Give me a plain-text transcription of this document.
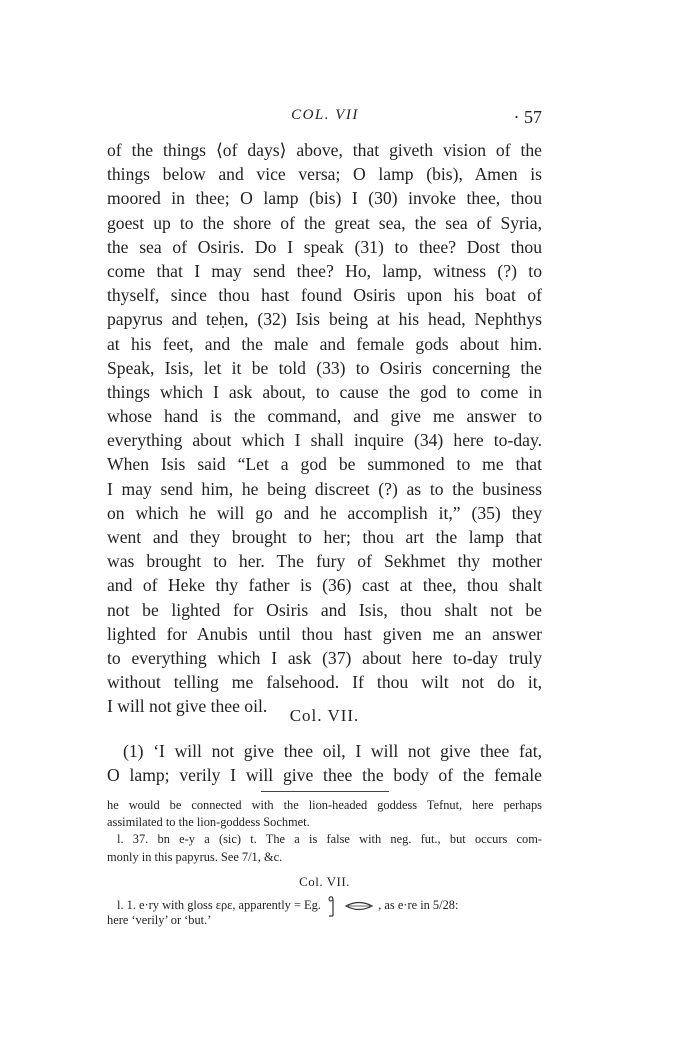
COL. VII	· 57
of the things ⟨of days⟩ above, that giveth vision of the
things below and vice versa; O lamp (bis), Amen is
moored in thee; O lamp (bis) I (30) invoke thee, thou
goest up to the shore of the great sea, the sea of Syria,
the sea of Osiris. Do I speak (31) to thee? Dost thou
come that I may send thee? Ho, lamp, witness (?) to
thyself, since thou hast found Osiris upon his boat of
papyrus and teḥen, (32) Isis being at his head, Nephthys
at his feet, and the male and female gods about him.
Speak, Isis, let it be told (33) to Osiris concerning the
things which I ask about, to cause the god to come in
whose hand is the command, and give me answer to
everything about which I shall inquire (34) here to-day.
When Isis said “Let a god be summoned to me that
I may send him, he being discreet (?) as to the business
on which he will go and he accomplish it,” (35) they
went and they brought to her; thou art the lamp that
was brought to her. The fury of Sekhmet thy mother
and of Heke thy father is (36) cast at thee, thou shalt
not be lighted for Osiris and Isis, thou shalt not be
lighted for Anubis until thou hast given me an answer
to everything which I ask (37) about here to-day truly
without telling me falsehood. If thou wilt not do it,
I will not give thee oil.	Col. VII.
(1) ‘I will not give thee oil, I will not give thee fat,
O lamp; verily I will give thee the body of the female
he would be connected with the lion-headed goddess Tefnut, here perhaps
assimilated to the lion-goddess Sochmet.
l. 37. bn e-y a (sic) t. The a is false with neg. fut., but occurs com-
monly in this papyrus. See 7/1, &c.
Col. VII.
l. 1. e·ry with gloss ερε, apparently = Eg.	, as e·re in 5/28:
here ‘verily’ or ‘but.’
